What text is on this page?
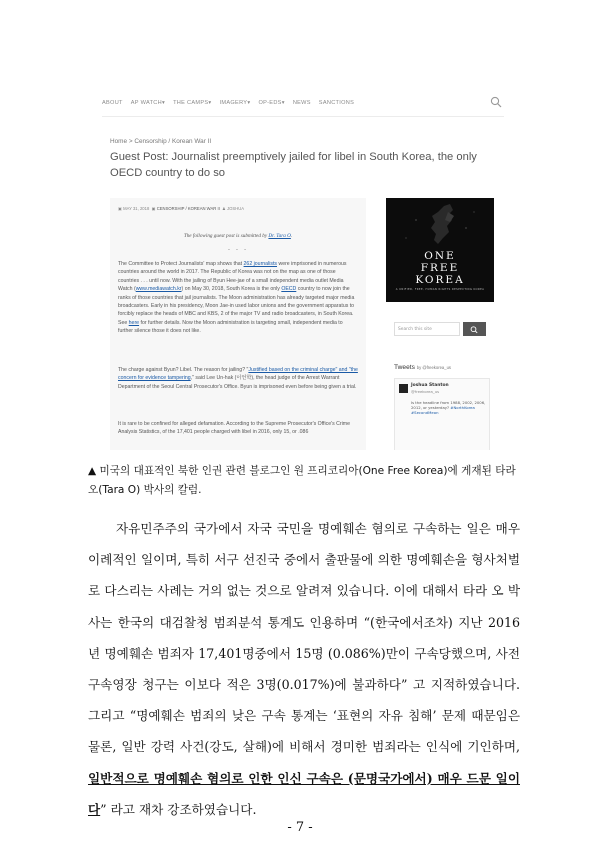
ABOUT AP WATCH▾ THE CAMPS▾ IMAGERY▾ OP-EDS▾ NEWS SANCTIONS
Home > Censorship / Korean War II
Guest Post: Journalist preemptively jailed for libel in South Korea, the only OECD country to do so
▣ MAY 31, 2018  ▣ CENSORSHIP / KOREAN WAR II  ♟ JOSHUA
The following guest post is submitted by Dr. Tara O.
- - -
The Committee to Protect Journalists' map shows that 262 journalists were imprisoned in numerous countries around the world in 2017. The Republic of Korea was not on the map as one of those countries . . . until now. With the jailing of Byun Hee-jae of a small independent media outlet Media Watch (www.mediawatch.kr) on May 30, 2018, South Korea is the only OECD country to now join the ranks of those countries that jail journalists. The Moon administration has already targeted major media broadcasters. Early in his presidency, Moon Jae-in used labor unions and the government apparatus to forcibly replace the heads of MBC and KBS, 2 of the major TV and radio broadcasters, in South Korea. See here for further details. Now the Moon administration is targeting small, independent media to further silence those it does not like.
The charge against Byun? Libel. The reason for jailing? "Justified based on the criminal charge" and "the concern for evidence tampering," said Lee Un-hak (이언학), the head judge of the Arrest Warrant Department of the Seoul Central Prosecutor's Office. Byun is imprisoned even before being given a trial.
It is rare to be confined for alleged defamation. According to the Supreme Prosecutor's Office's Crime Analysis Statistics, of the 17,401 people charged with libel in 2016, only 15, or .086
ONE
FREE
KOREA
A UNIFIED, FREE, HUMAN RIGHTS RESPECTING KOREA
Search this site
Tweets by @freekorea_us
Joshua Stanton
@freekorea_us
Is the headline from 1988, 2002, 2006, 2012, or yesterday? #NorthKorea #SecondMeon
▲ 미국의 대표적인 북한 인권 관련 블로그인 원 프리코리아(One Free Korea)에 게재된 타라 오(Tara O) 박사의 칼럼.

자유민주주의 국가에서 자국 국민을 명예훼손 혐의로 구속하는 일은 매우 이례적인 일이며, 특히 서구 선진국 중에서 출판물에 의한 명예훼손을 형사처벌로 다스리는 사례는 거의 없는 것으로 알려져 있습니다. 이에 대해서 타라 오 박사는 한국의 대검찰청 범죄분석 통계도 인용하며 “(한국에서조차) 지난 2016년 명예훼손 범죄자 17,401명중에서 15명 (0.086%)만이 구속당했으며, 사전 구속영장 청구는 이보다 적은 3명(0.017%)에 불과하다” 고 지적하였습니다. 그리고 “명예훼손 범죄의 낮은 구속 통계는 ‘표현의 자유 침해’ 문제 때문임은 물론, 일반 강력 사건(강도, 살해)에 비해서 경미한 범죄라는 인식에 기인하며, 일반적으로 명예훼손 혐의로 인한 인신 구속은 (문명국가에서) 매우 드문 일이다” 라고 재차 강조하였습니다.

- 7 -
